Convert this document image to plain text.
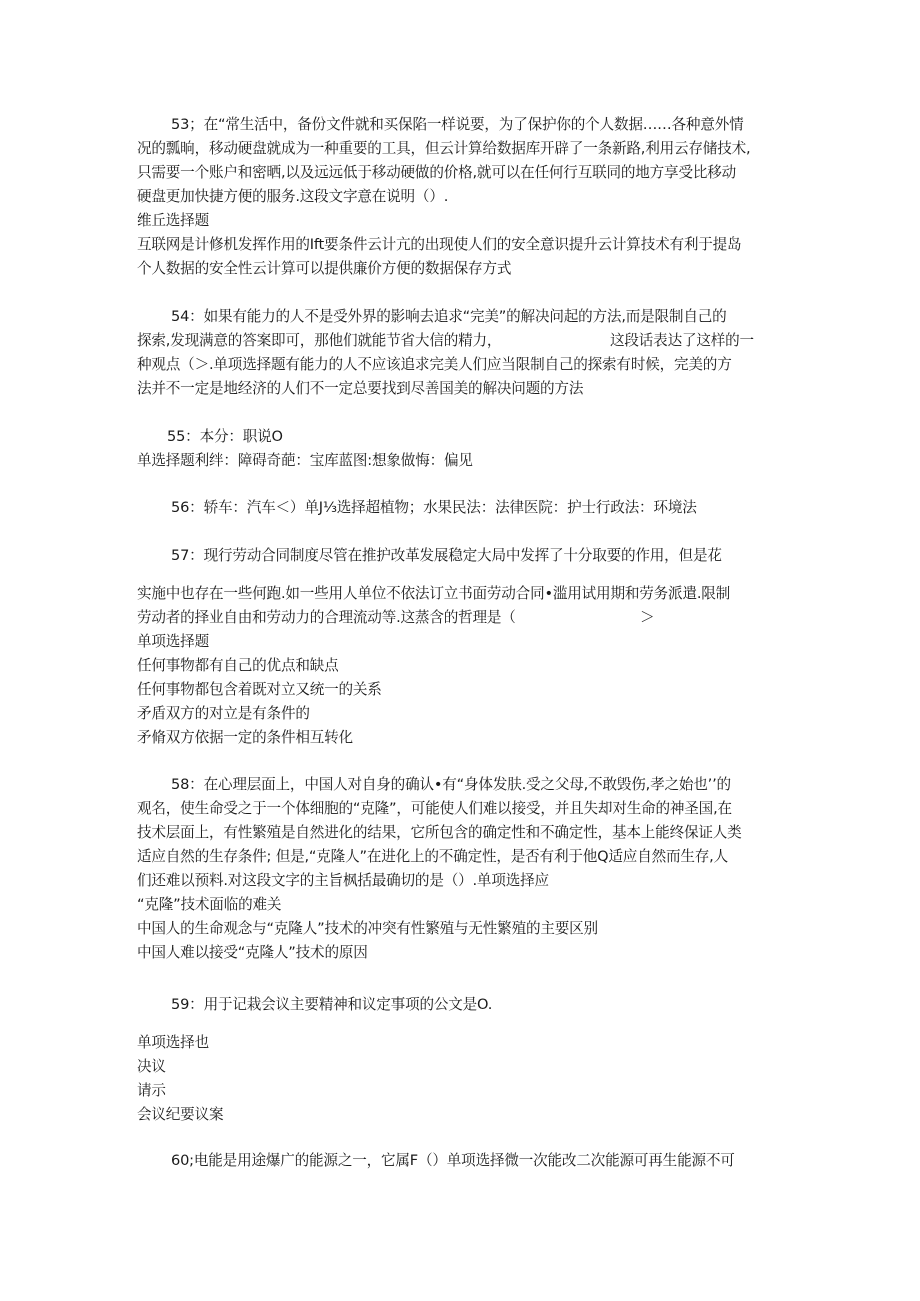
53；在“常生活中，备份文件就和买保陷一样说要，为了保护你的个人数据……各种意外情
况的瓢晌，移动硬盘就成为一种重要的工具，但云计算给数据库开辟了一条新路,利用云存储技术,
只需要一个账户和密晒,以及远远低于移动硬做的价格,就可以在任何行互联同的地方享受比移动
硬盘更加快捷方便的服务.这段文字意在说明（）.
维丘选择题
互联网是计修机发挥作用的Ift要条件云计亢的出现使人们的安全意识提升云计算技术有利于提岛
个人数据的安全性云计算可以提供廉价方便的数据保存方式
54：如果有能力的人不是受外界的影响去追求“完美”的解决问起的方法,而是限制自己的
探索,发现满意的答案即可，那他们就能节省大信的精力，	这段话表达了这样的一
种观点（＞.单项选择题有能力的人不应该追求完美人们应当限制自己的探索有时候，完美的方
法并不一定是地经济的人们不一定总要找到尽善国美的解决问题的方法
55：本分：职说O
单选择题利绊：障碍奇葩：宝库蓝图:想象做悔：偏见
56：轿车：汽车＜）单J⅓选择超植物；水果民法：法律医院：护士行政法：环境法
57：现行劳动合同制度尽管在推护改革发展稳定大局中发挥了十分取要的作用，但是花
实施中也存在一些何跑.如一些用人单位不依法订立书面劳动合同•滥用试用期和劳务派遣.限制
劳动者的择业自由和劳动力的合理流动等.这蒸含的哲理是（	＞
单项选择题
任何事物都有自己的优点和缺点
任何事物都包含着既对立又统一的关系
矛盾双方的对立是有条件的
矛脩双方依据一定的条件相互转化
58：在心理层面上，中国人对自身的确认•有“身体发肤.受之父母,不敢毁伤,孝之始也’’的
观名，使生命受之于一个体细胞的“克隆”，可能使人们难以接受，并且失却对生命的神圣国,在
技术层面上，有性繁殖是自然进化的结果，它所包含的确定性和不确定性，基本上能终保证人类
适应自然的生存条件; 但是,“克隆人”在进化上的不确定性，是否有利于他Q适应自然而生存,人
们还难以预料.对这段文字的主旨枫括最确切的是（）.单项选择应
“克隆”技术面临的难关
中国人的生命观念与“克隆人”技术的冲突有性繁殖与无性繁殖的主要区别
中国人难以接受“克隆人”技术的原因
59：用于记栽会议主要精神和议定事项的公文是O.
单项选择也
决议
请示
会议纪要议案
60;电能是用途爆广的能源之一，它属F（）单项选择微一次能改二次能源可再生能源不可
